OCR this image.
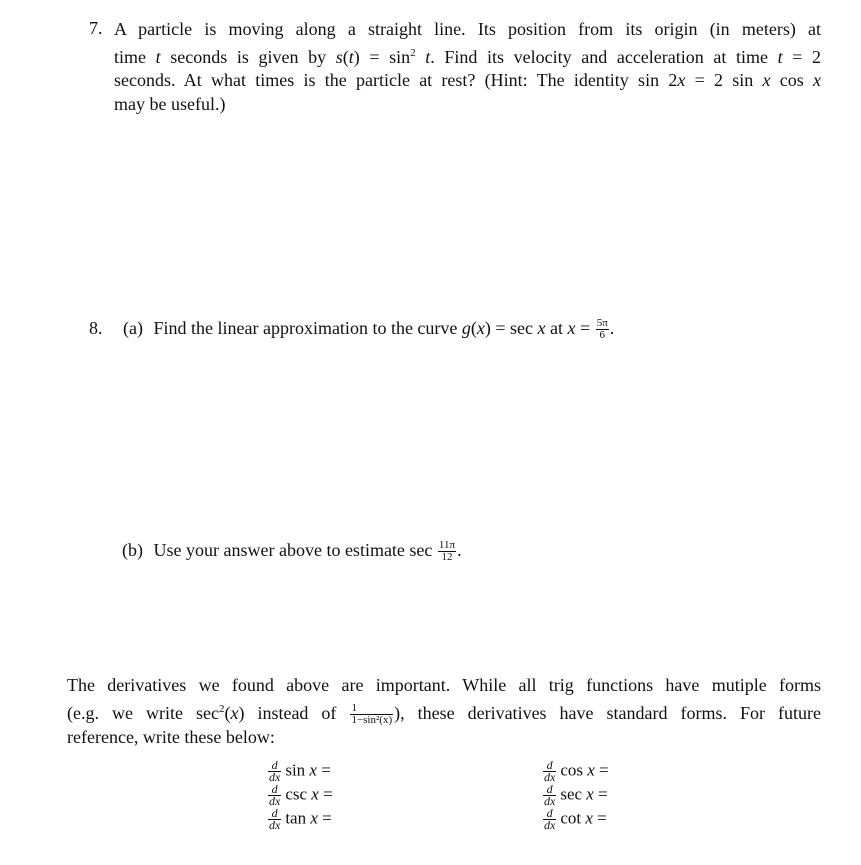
7. A particle is moving along a straight line. Its position from its origin (in meters) at
time t seconds is given by $s(t) = \sin^2 t$. Find its velocity and acceleration at time t = 2
seconds. At what times is the particle at rest? (Hint: The identity sin 2x = 2 sin x cos x
may be useful.)
8. (a) Find the linear approximation to the curve g(x) = sec x at $x = \frac{5\pi}{6}$ .
(b) Use your answer above to estimate $\sec \frac{11\pi}{12}$ .
The derivatives we found above are important. While all trig functions have mutiple forms
(e.g. we write $\sec^2(x)$ instead of $\frac{1}{\text{1−sin²(x)}}$ ), these derivatives have standard forms. For future
reference, write these below:
$\frac{d}{dx}$ sin x =
$\frac{d}{dx}$ csc x =
$\frac{d}{dx}$ tan x =
$\frac{d}{dx}$ cos x =
$\frac{d}{dx}$ sec x =
$\frac{d}{dx}$ cot x =
